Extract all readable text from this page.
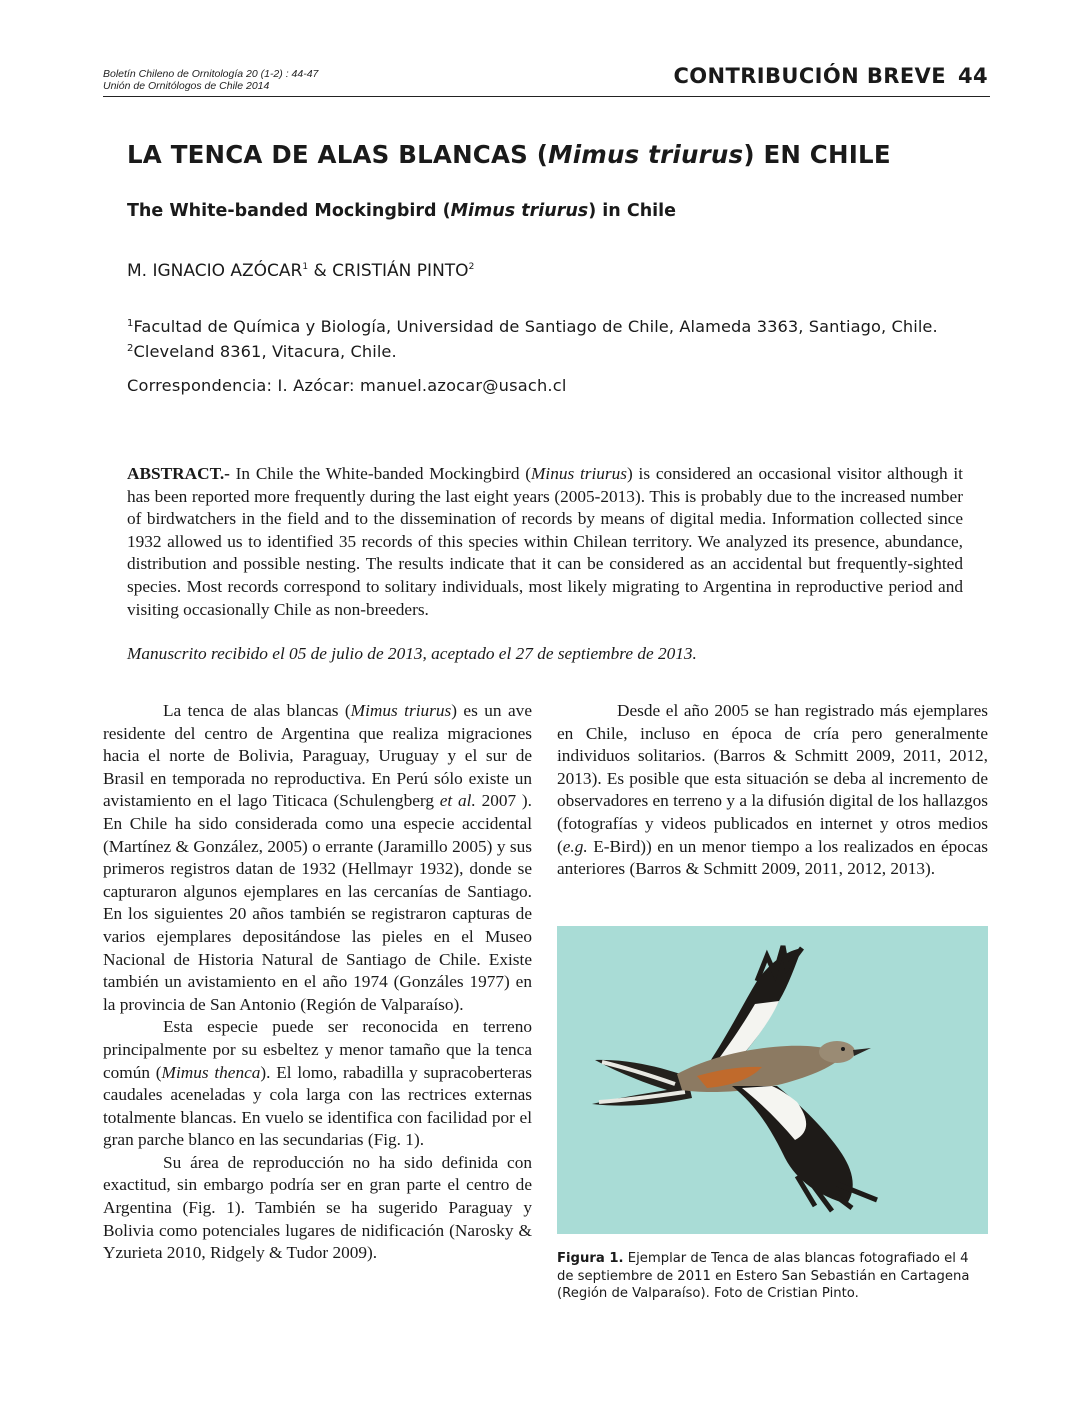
Boletín Chileno de Ornitología 20 (1-2) : 44-47
Unión de Ornitólogos de Chile 2014	CONTRIBUCIÓN BREVE 44
LA TENCA DE ALAS BLANCAS (Mimus triurus) EN CHILE
The White-banded Mockingbird (Mimus triurus) in Chile
M. IGNACIO AZÓCAR$^1$ & CRISTIÁN PINTO$^2$
$^1$Facultad de Química y Biología, Universidad de Santiago de Chile, Alameda 3363, Santiago, Chile.
$^2$Cleveland 8361, Vitacura, Chile.
Correspondencia: I. Azócar: manuel.azocar@usach.cl

ABSTRACT.- In Chile the White-banded Mockingbird (Minus triurus) is considered an occasional visitor although it has been reported more frequently during the last eight years (2005-2013). This is probably due to the increased number of birdwatchers in the field and to the dissemination of records by means of digital media. Information collected since 1932 allowed us to identified 35 records of this species within Chilean territory. We analyzed its presence, abundance, distribution and possible nesting. The results indicate that it can be considered as an accidental but frequently-sighted species. Most records correspond to solitary individuals, most likely migrating to Argentina in reproductive period and visiting occasionally Chile as non-breeders.

Manuscrito recibido el 05 de julio de 2013, aceptado el 27 de septiembre de 2013.

La tenca de alas blancas (Mimus triurus) es un ave residente del centro de Argentina que realiza migraciones hacia el norte de Bolivia, Paraguay, Uruguay y el sur de Brasil en temporada no reproductiva. En Perú sólo existe un avistamiento en el lago Titicaca (Schulengberg et al. 2007 ). En Chile ha sido considerada como una especie accidental (Martínez & González, 2005) o errante (Jaramillo 2005) y sus primeros registros datan de 1932 (Hellmayr 1932), donde se capturaron algunos ejemplares en las cercanías de Santiago. En los siguientes 20 años también se registraron capturas de varios ejemplares depositándose las pieles en el Museo Nacional de Historia Natural de Santiago de Chile. Existe también un avistamiento en el año 1974 (Gonzáles 1977) en la provincia de San Antonio (Región de Valparaíso).

Esta especie puede ser reconocida en terreno principalmente por su esbeltez y menor tamaño que la tenca común (Mimus thenca). El lomo, rabadilla y supracoberteras caudales aceneladas y cola larga con las rectrices externas totalmente blancas. En vuelo se identifica con facilidad por el gran parche blanco en las secundarias (Fig. 1).

Su área de reproducción no ha sido definida con exactitud, sin embargo podría ser en gran parte el centro de Argentina (Fig. 1). También se ha sugerido Paraguay y Bolivia como potenciales lugares de nidificación (Narosky & Yzurieta 2010, Ridgely & Tudor 2009).

Desde el año 2005 se han registrado más ejemplares en Chile, incluso en época de cría pero generalmente individuos solitarios. (Barros & Schmitt 2009, 2011, 2012, 2013). Es posible que esta situación se deba al incremento de observadores en terreno y a la difusión digital de los hallazgos (fotografías y videos publicados en internet y otros medios (e.g. E-Bird)) en un menor tiempo a los realizados en épocas anteriores (Barros & Schmitt 2009, 2011, 2012, 2013).

Figura 1. Ejemplar de Tenca de alas blancas fotografiado el 4 de septiembre de 2011 en Estero San Sebastián en Cartagena (Región de Valparaíso). Foto de Cristian Pinto.
